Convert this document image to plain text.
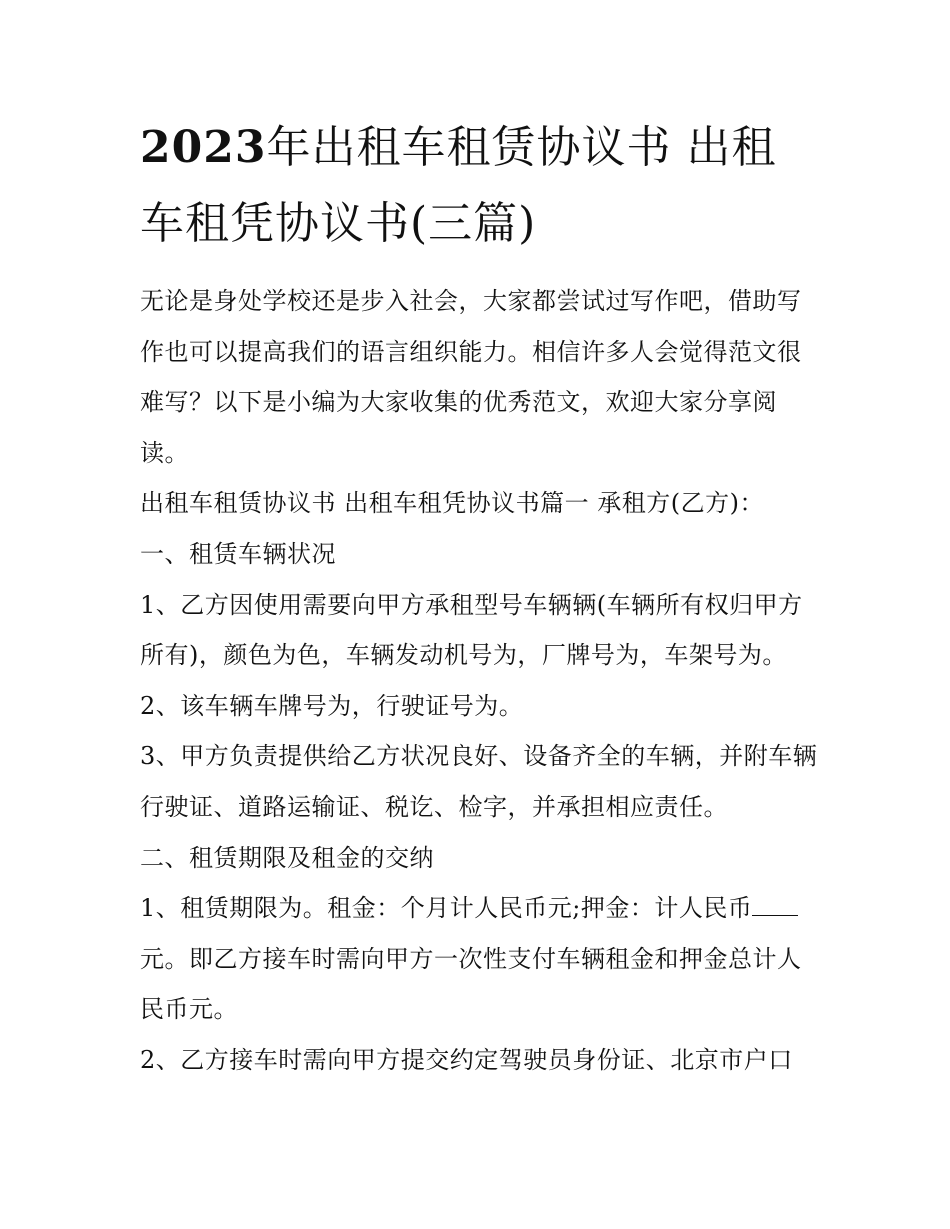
2023年出租车租赁协议书 出租车租凭协议书(三篇)

无论是身处学校还是步入社会，大家都尝试过写作吧，借助写作也可以提高我们的语言组织能力。相信许多人会觉得范文很难写？以下是小编为大家收集的优秀范文，欢迎大家分享阅读。

出租车租赁协议书 出租车租凭协议书篇一 承租方(乙方)：

一、租赁车辆状况

1、乙方因使用需要向甲方承租型号车辆辆(车辆所有权归甲方所有)，颜色为色，车辆发动机号为，厂牌号为，车架号为。

2、该车辆车牌号为，行驶证号为。

3、甲方负责提供给乙方状况良好、设备齐全的车辆，并附车辆行驶证、道路运输证、税讫、检字，并承担相应责任。

二、租赁期限及租金的交纳

1、租赁期限为。租金：个月计人民币元;押金：计人民币元。即乙方接车时需向甲方一次性支付车辆租金和押金总计人民币元。

2、乙方接车时需向甲方提交约定驾驶员身份证、北京市户口
